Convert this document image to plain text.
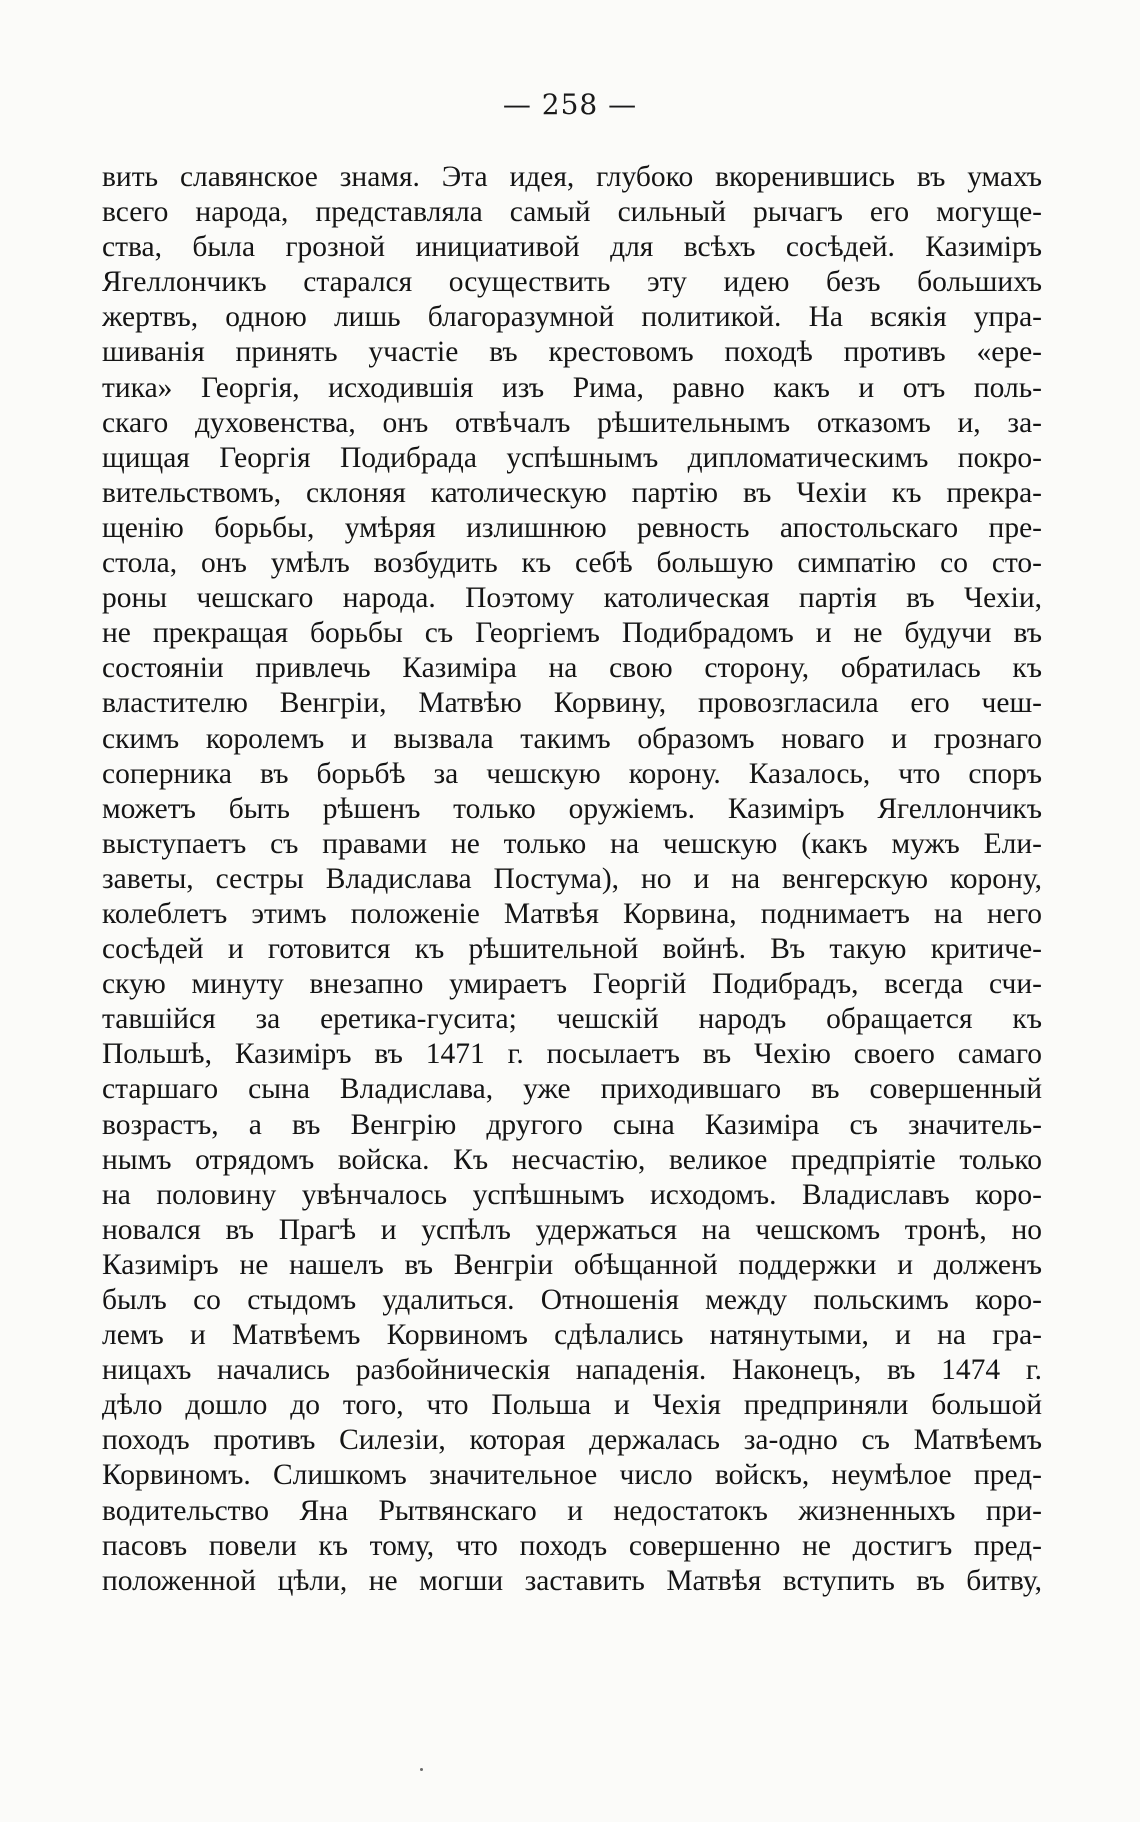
— 258 —
вить славянское знамя. Эта идея, глубоко вкоренившись въ умахъ
всего народа, представляла самый сильный рычагъ его могуще-
ства, была грозной инициативой для всѣхъ сосѣдей. Казиміръ
Ягеллончикъ старался осуществить эту идею безъ большихъ
жертвъ, одною лишь благоразумной политикой. На всякія упра-
шиванія принять участіе въ крестовомъ походѣ противъ «ере-
тика» Георгія, исходившія изъ Рима, равно какъ и отъ поль-
скаго духовенства, онъ отвѣчалъ рѣшительнымъ отказомъ и, за-
щищая Георгія Подибрада успѣшнымъ дипломатическимъ покро-
вительствомъ, склоняя католическую партію въ Чехіи къ прекра-
щенію борьбы, умѣряя излишнюю ревность апостольскаго пре-
стола, онъ умѣлъ возбудить къ себѣ большую симпатію со сто-
роны чешскаго народа. Поэтому католическая партія въ Чехіи,
не прекращая борьбы съ Георгіемъ Подибрадомъ и не будучи въ
состояніи привлечь Казиміра на свою сторону, обратилась къ
властителю Венгріи, Матвѣю Корвину, провозгласила его чеш-
скимъ королемъ и вызвала такимъ образомъ новаго и грознаго
соперника въ борьбѣ за чешскую корону. Казалось, что споръ
можетъ быть рѣшенъ только оружіемъ. Казиміръ Ягеллончикъ
выступаетъ съ правами не только на чешскую (какъ мужъ Ели-
заветы, сестры Владислава Постума), но и на венгерскую корону,
колеблетъ этимъ положеніе Матвѣя Корвина, поднимаетъ на него
сосѣдей и готовится къ рѣшительной войнѣ. Въ такую критиче-
скую минуту внезапно умираетъ Георгій Подибрадъ, всегда счи-
тавшійся за еретика-гусита; чешскій народъ обращается къ
Польшѣ, Казиміръ въ 1471 г. посылаетъ въ Чехію своего самаго
старшаго сына Владислава, уже приходившаго въ совершенный
возрастъ, а въ Венгрію другого сына Казиміра съ значитель-
нымъ отрядомъ войска. Къ несчастію, великое предпріятіе только
на половину увѣнчалось успѣшнымъ исходомъ. Владиславъ коро-
новался въ Прагѣ и успѣлъ удержаться на чешскомъ тронѣ, но
Казиміръ не нашелъ въ Венгріи обѣщанной поддержки и долженъ
былъ со стыдомъ удалиться. Отношенія между польскимъ коро-
лемъ и Матвѣемъ Корвиномъ сдѣлались натянутыми, и на гра-
ницахъ начались разбойническія нападенія. Наконецъ, въ 1474 г.
дѣло дошло до того, что Польша и Чехія предприняли большой
походъ противъ Силезіи, которая держалась за-одно съ Матвѣемъ
Корвиномъ. Слишкомъ значительное число войскъ, неумѣлое пред-
водительство Яна Рытвянскаго и недостатокъ жизненныхъ при-
пасовъ повели къ тому, что походъ совершенно не достигъ пред-
положенной цѣли, не могши заставить Матвѣя вступить въ битву,
